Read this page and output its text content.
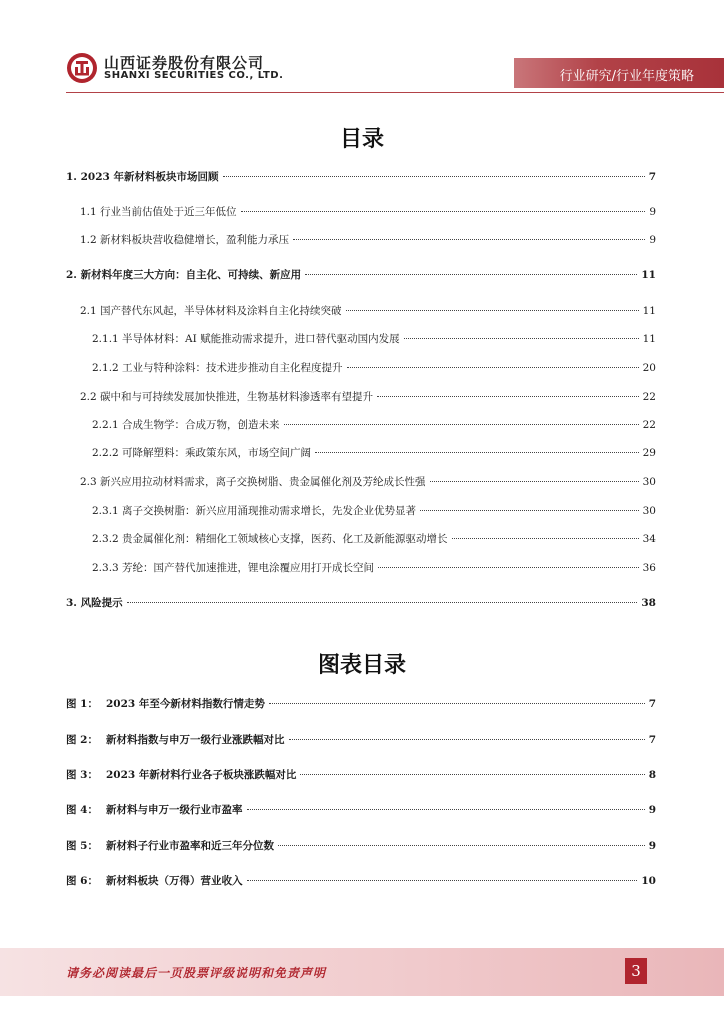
山西证券股份有限公司
SHANXI SECURITIES CO., LTD.	行业研究/行业年度策略
目录
1. 2023 年新材料板块市场回顾	7
1.1 行业当前估值处于近三年低位	9
1.2 新材料板块营收稳健增长，盈利能力承压	9
2. 新材料年度三大方向：自主化、可持续、新应用	11
2.1 国产替代东风起，半导体材料及涂料自主化持续突破	11
2.1.1 半导体材料：AI 赋能推动需求提升，进口替代驱动国内发展	11
2.1.2 工业与特种涂料：技术进步推动自主化程度提升	20
2.2 碳中和与可持续发展加快推进，生物基材料渗透率有望提升	22
2.2.1 合成生物学：合成万物，创造未来	22
2.2.2 可降解塑料：乘政策东风，市场空间广阔	29
2.3 新兴应用拉动材料需求，离子交换树脂、贵金属催化剂及芳纶成长性强	30
2.3.1 离子交换树脂：新兴应用涌现推动需求增长，先发企业优势显著	30
2.3.2 贵金属催化剂：精细化工领域核心支撑，医药、化工及新能源驱动增长	34
2.3.3 芳纶：国产替代加速推进，锂电涂覆应用打开成长空间	36
3. 风险提示	38
图表目录
图 1： 2023 年至今新材料指数行情走势	7
图 2： 新材料指数与申万一级行业涨跌幅对比	7
图 3： 2023 年新材料行业各子板块涨跌幅对比	8
图 4： 新材料与申万一级行业市盈率	9
图 5： 新材料子行业市盈率和近三年分位数	9
图 6： 新材料板块（万得）营业收入	10
请务必阅读最后一页股票评级说明和免责声明	3
